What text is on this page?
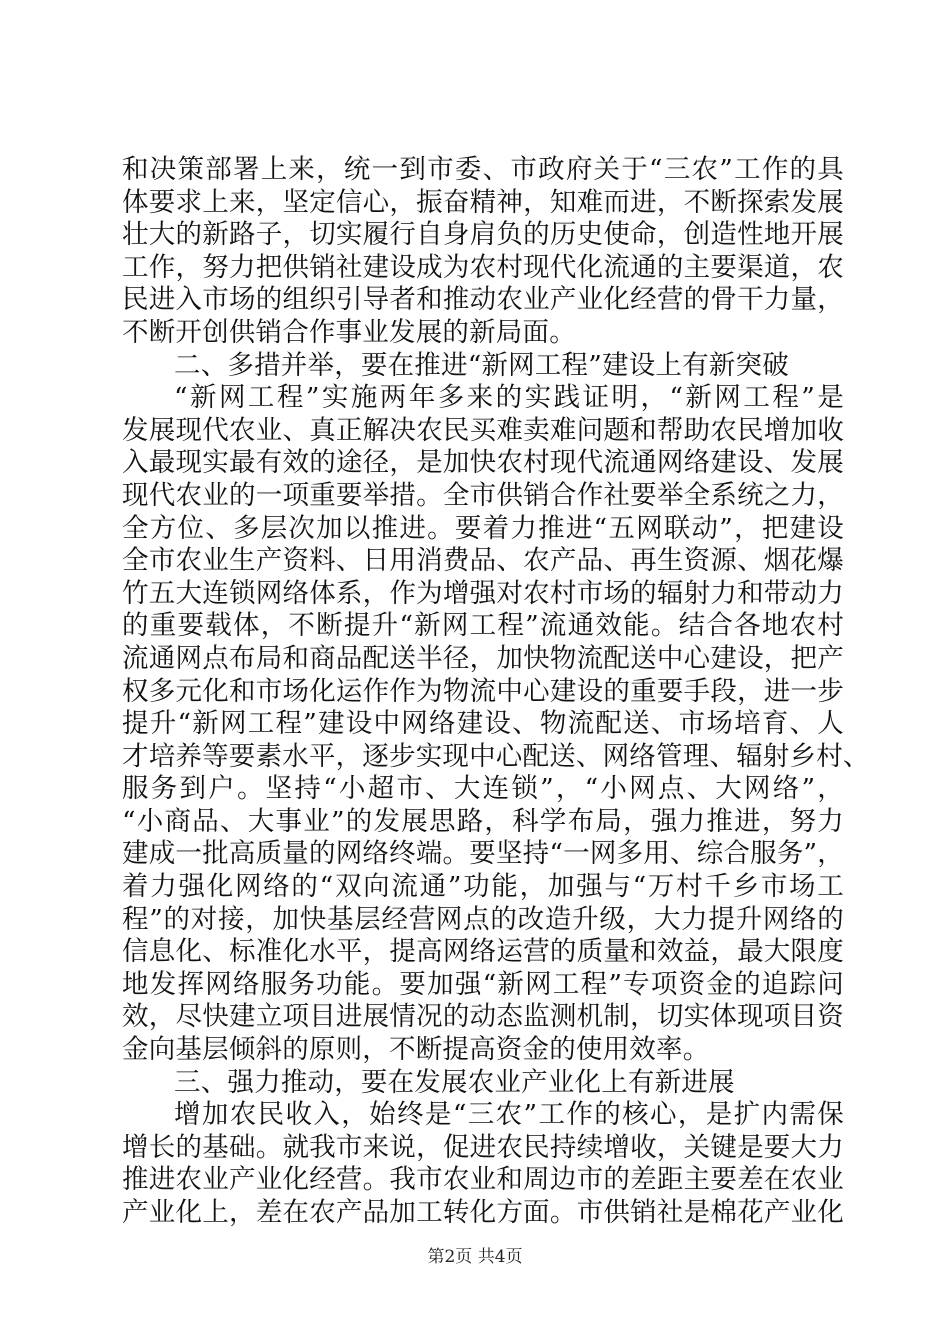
和决策部署上来，统一到市委、市政府关于“三农”工作的具
体要求上来，坚定信心，振奋精神，知难而进，不断探索发展
壮大的新路子，切实履行自身肩负的历史使命，创造性地开展
工作，努力把供销社建设成为农村现代化流通的主要渠道，农
民进入市场的组织引导者和推动农业产业化经营的骨干力量，
不断开创供销合作事业发展的新局面。
二、多措并举，要在推进“新网工程”建设上有新突破
“新网工程”实施两年多来的实践证明，“新网工程”是
发展现代农业、真正解决农民买难卖难问题和帮助农民增加收
入最现实最有效的途径，是加快农村现代流通网络建设、发展
现代农业的一项重要举措。全市供销合作社要举全系统之力，
全方位、多层次加以推进。要着力推进“五网联动”，把建设
全市农业生产资料、日用消费品、农产品、再生资源、烟花爆
竹五大连锁网络体系，作为增强对农村市场的辐射力和带动力
的重要载体，不断提升“新网工程”流通效能。结合各地农村
流通网点布局和商品配送半径，加快物流配送中心建设，把产
权多元化和市场化运作作为物流中心建设的重要手段，进一步
提升“新网工程”建设中网络建设、物流配送、市场培育、人
才培养等要素水平，逐步实现中心配送、网络管理、辐射乡村、
服务到户。坚持“小超市、大连锁”，“小网点、大网络”，
“小商品、大事业”的发展思路，科学布局，强力推进，努力
建成一批高质量的网络终端。要坚持“一网多用、综合服务”，
着力强化网络的“双向流通”功能，加强与“万村千乡市场工
程”的对接，加快基层经营网点的改造升级，大力提升网络的
信息化、标准化水平，提高网络运营的质量和效益，最大限度
地发挥网络服务功能。要加强“新网工程”专项资金的追踪问
效，尽快建立项目进展情况的动态监测机制，切实体现项目资
金向基层倾斜的原则，不断提高资金的使用效率。
三、强力推动，要在发展农业产业化上有新进展
增加农民收入，始终是“三农”工作的核心，是扩内需保
增长的基础。就我市来说，促进农民持续增收，关键是要大力
推进农业产业化经营。我市农业和周边市的差距主要差在农业
产业化上，差在农产品加工转化方面。市供销社是棉花产业化
第2页 共4页
